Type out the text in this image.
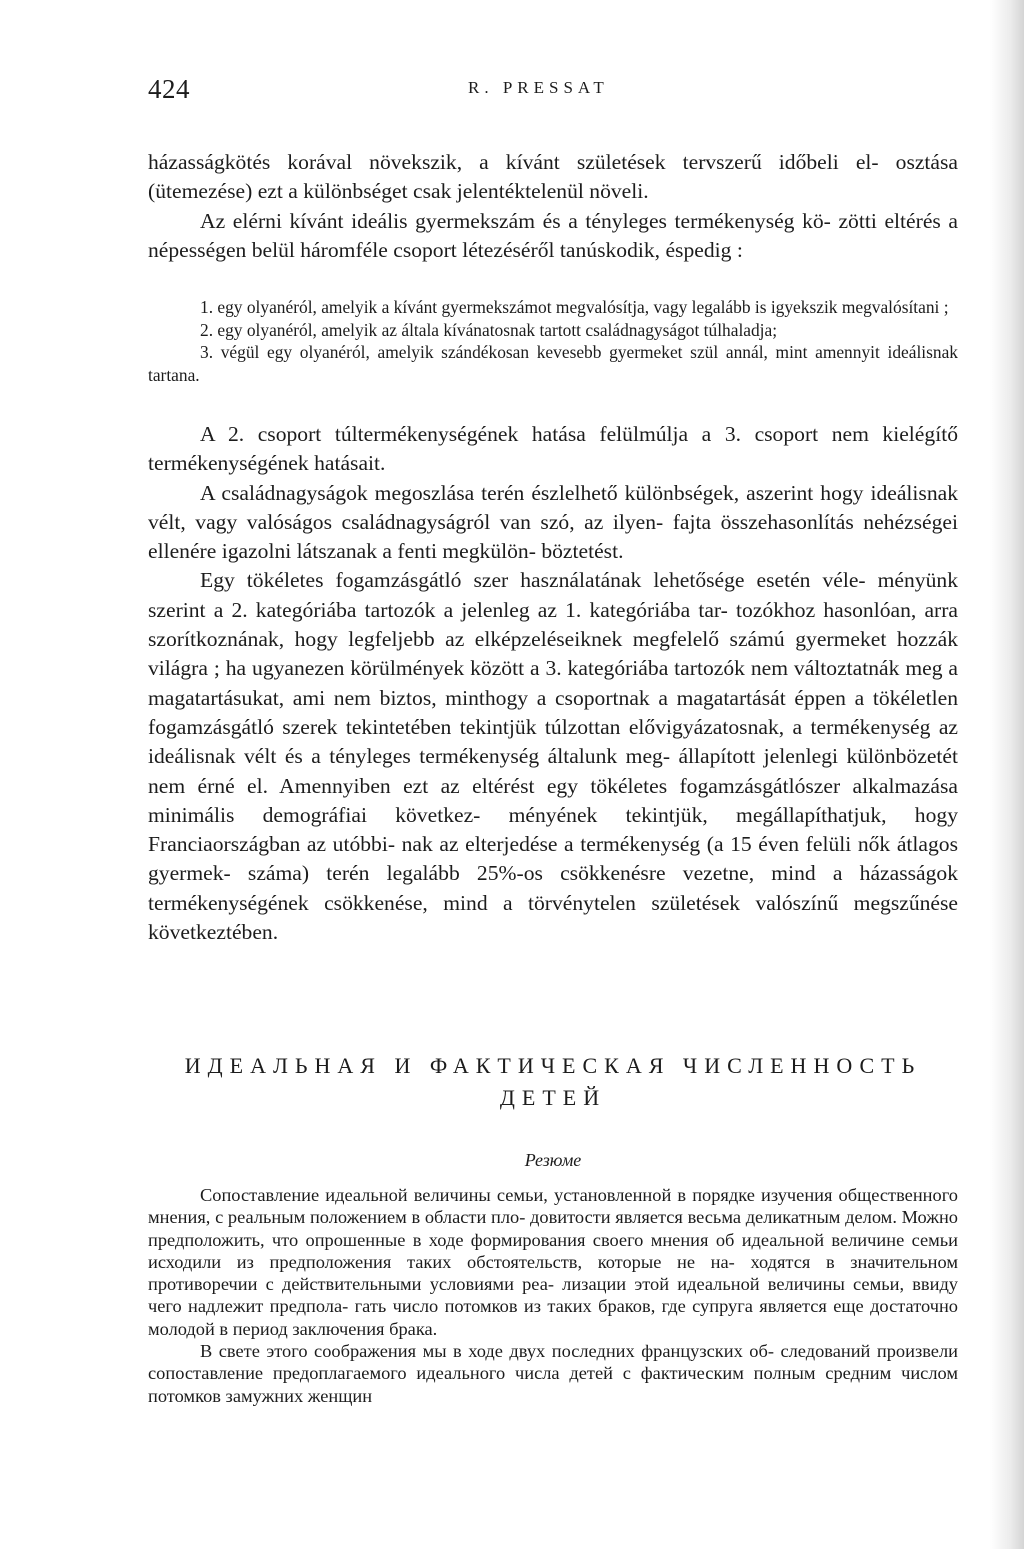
424	R. PRESSAT

házasságkötés korával növekszik, a kívánt születések tervszerű időbeli el- osztása (ütemezése) ezt a különbséget csak jelentéktelenül növeli.

Az elérni kívánt ideális gyermekszám és a tényleges termékenység kö- zötti eltérés a népességen belül háromféle csoport létezéséről tanúskodik, éspedig :

1. egy olyanéról, amelyik a kívánt gyermekszámot megvalósítja, vagy legalább is igyekszik megvalósítani ;

2. egy olyanéról, amelyik az általa kívánatosnak tartott családnagyságot túlhaladja;

3. végül egy olyanéról, amelyik szándékosan kevesebb gyermeket szül annál, mint amennyit ideálisnak tartana.

A 2. csoport túltermékenységének hatása felülmúlja a 3. csoport nem kielégítő termékenységének hatásait.

A családnagyságok megoszlása terén észlelhető különbségek, aszerint hogy ideálisnak vélt, vagy valóságos családnagyságról van szó, az ilyen- fajta összehasonlítás nehézségei ellenére igazolni látszanak a fenti megkülön- böztetést.

Egy tökéletes fogamzásgátló szer használatának lehetősége esetén véle- ményünk szerint a 2. kategóriába tartozók a jelenleg az 1. kategóriába tar- tozókhoz hasonlóan, arra szorítkoznának, hogy legfeljebb az elképzeléseiknek megfelelő számú gyermeket hozzák világra ; ha ugyanezen körülmények között a 3. kategóriába tartozók nem változtatnák meg a magatartásukat, ami nem biztos, minthogy a csoportnak a magatartását éppen a tökéletlen fogamzásgátló szerek tekintetében tekintjük túlzottan elővigyázatosnak, a termékenység az ideálisnak vélt és a tényleges termékenység általunk meg- állapított jelenlegi különbözetét nem érné el. Amennyiben ezt az eltérést egy tökéletes fogamzásgátlószer alkalmazása minimális demográfiai következ- ményének tekintjük, megállapíthatjuk, hogy Franciaországban az utóbbi- nak az elterjedése a termékenység (a 15 éven felüli nők átlagos gyermek- száma) terén legalább 25%-os csökkenésre vezetne, mind a házasságok termékenységének csökkenése, mind a törvénytelen születések valószínű megszűnése következtében.

ИДЕАЛЬНАЯ И ФАКТИЧЕСКАЯ ЧИСЛЕННОСТЬ ДЕТЕЙ
Резюме

Сопоставление идеальной величины семьи, установленной в порядке изучения общественного мнения, с реальным положением в области пло- довитости является весьма деликатным делом. Можно предположить, что опрошенные в ходе формирования своего мнения об идеальной величине семьи исходили из предположения таких обстоятельств, которые не на- ходятся в значительном противоречии с действительными условиями реа- лизации этой идеальной величины семьи, ввиду чего надлежит предпола- гать число потомков из таких браков, где супруга является еще достаточно молодой в период заключения брака.

В свете этого соображения мы в ходе двух последних французских об- следований произвели сопоставление предоплагаемого идеального числа детей с фактическим полным средним числом потомков замужних женщин
